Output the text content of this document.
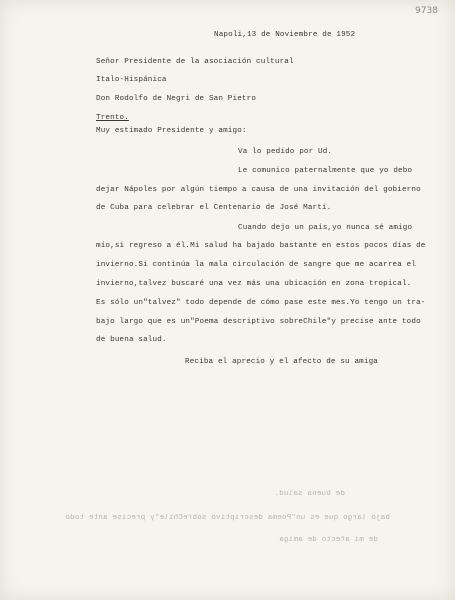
9738
Napoli,13 de Noviembre de 1952
Señor Presidente de la asociación cultural
Italo-Hispánica
Don Rodolfo de Negri de San Pietro
Trento.
Muy estimado Presidente y amigo:
Va lo pedido por Ud.
Le comunico paternalmente que yo debo
dejar Nápoles por algún tiempo a causa de una invitación del gobierno
de Cuba para celebrar el Centenario de José Martí.
Cuando dejo un país,yo nunca sé amigo
mío,si regreso a él.Mi salud ha bajado bastante en estos pocos días de
invierno.Si continúa la mala circulación de sangre que me acarrea el
invierno,talvez buscaré una vez más una ubicación en zona tropical.
Es sólo un"talvez" todo depende de cómo pase este mes.Yo tengo un tra-
bajo largo que es un"Poema descriptivo sobreChile"y precise ante todo
de buena salud.
Reciba el aprecio y el afecto de su amiga
de buena salud.
bajo largo que es un"Poema descriptivo sobreChile"y precise ante todo
de mi afecto de amiga
